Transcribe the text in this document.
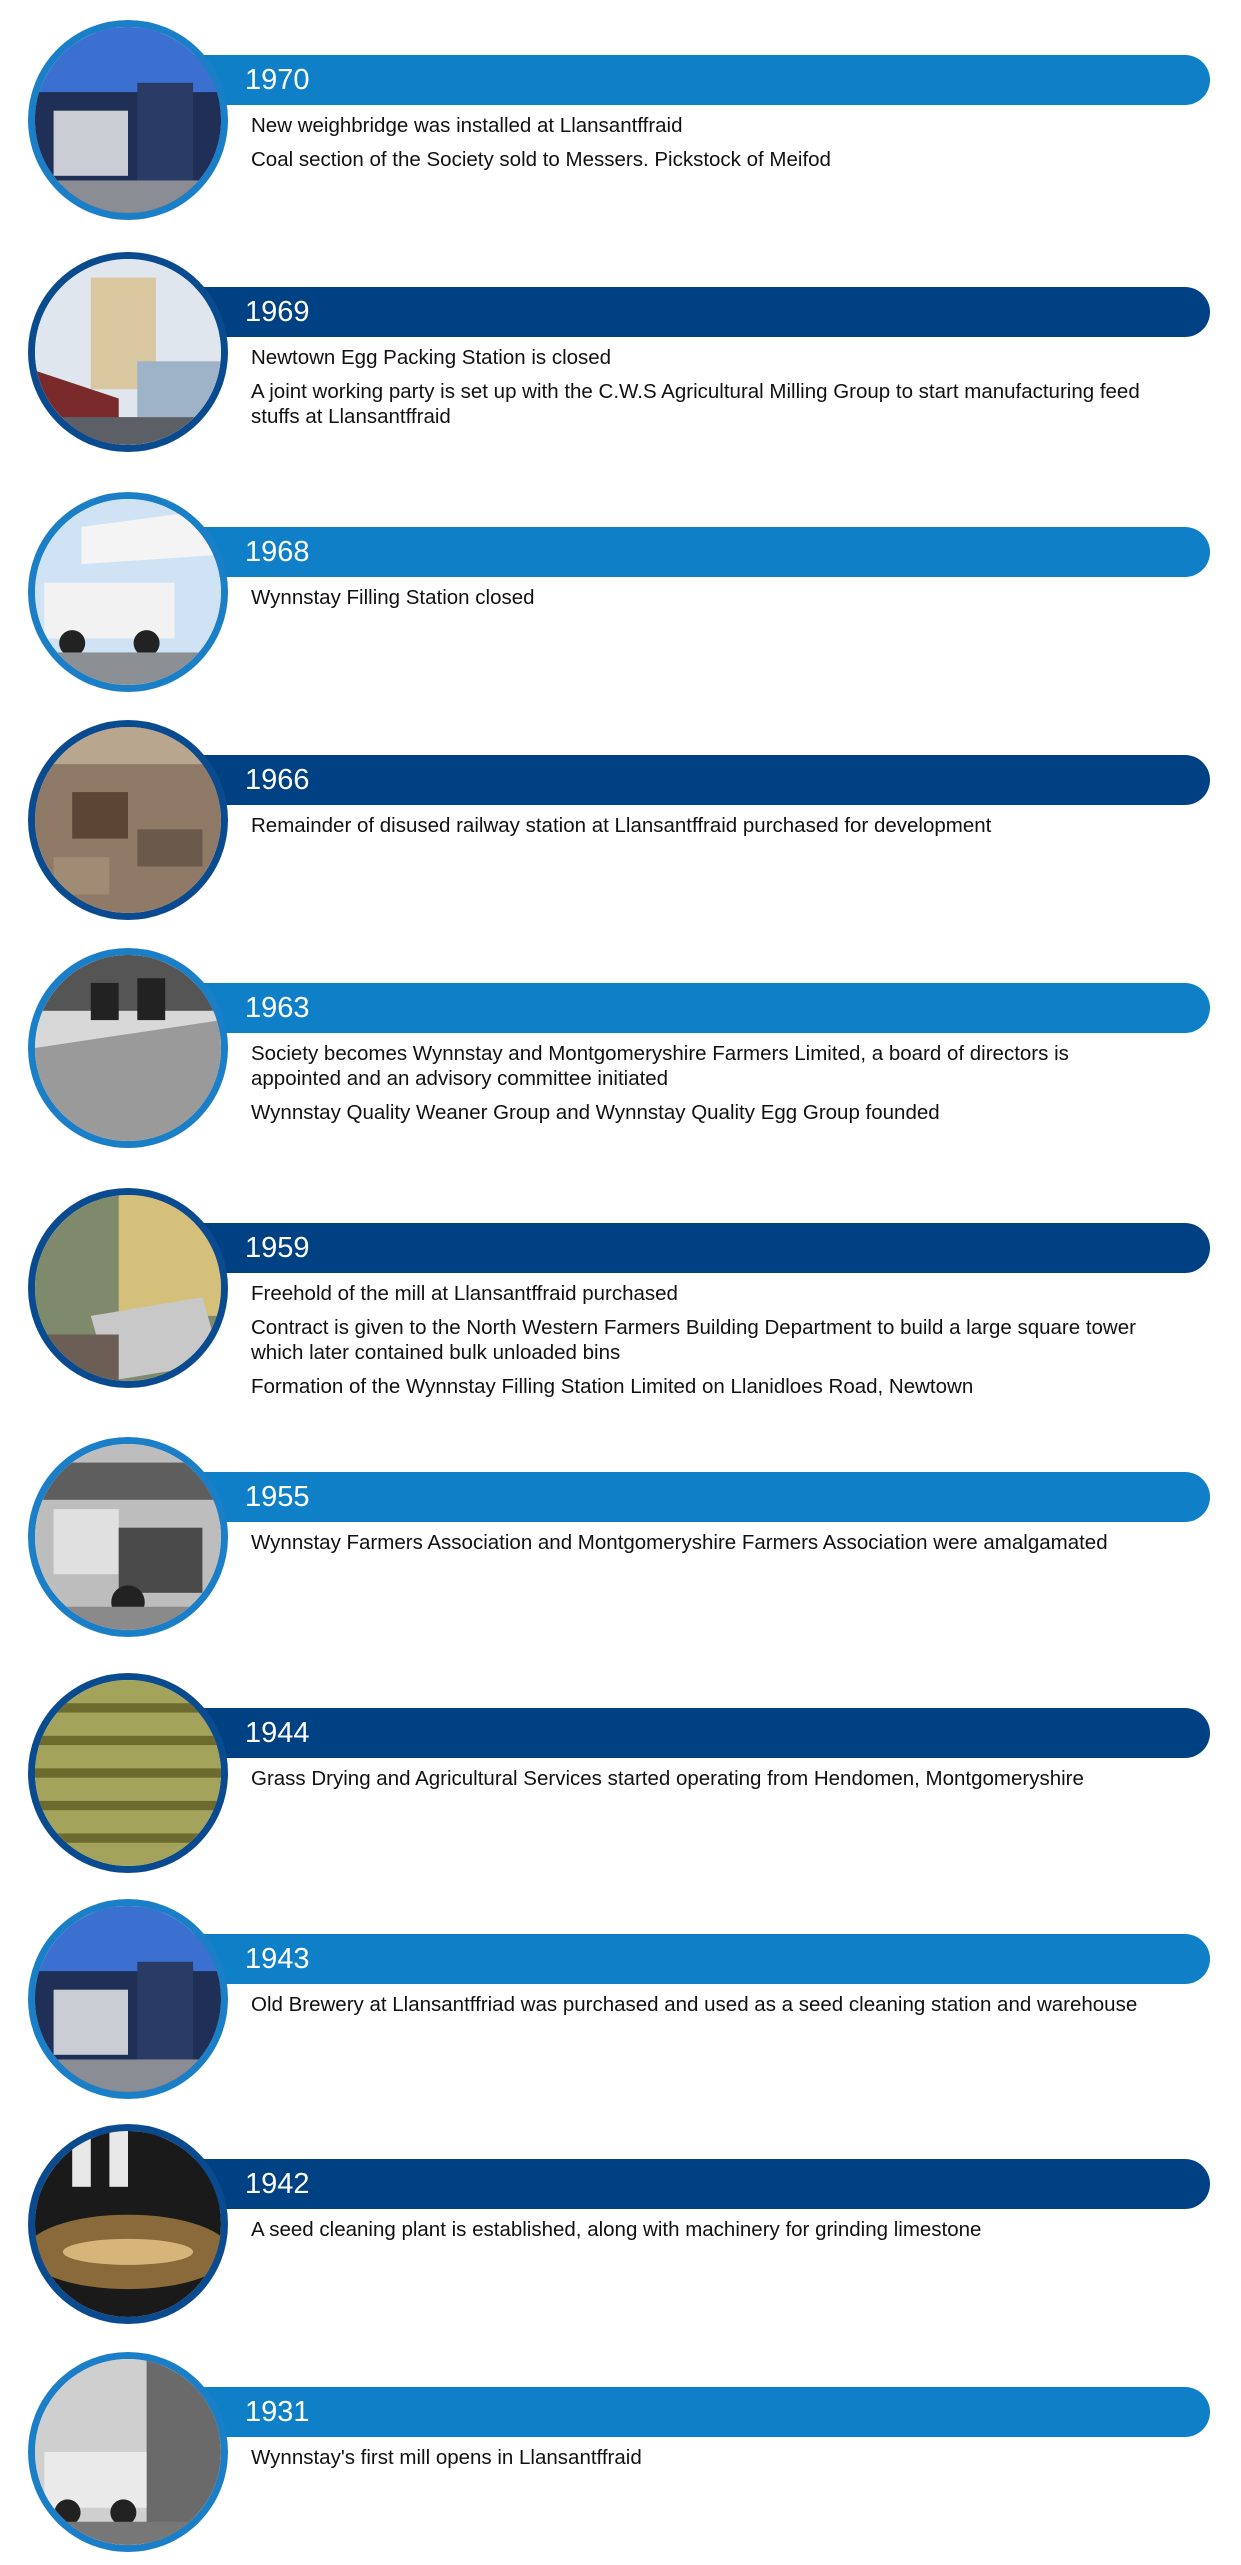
1970
New weighbridge was installed at Llansantffraid
Coal section of the Society sold to Messers. Pickstock of Meifod
1969
Newtown Egg Packing Station is closed
A joint working party is set up with the C.W.S Agricultural Milling Group to start manufacturing feed stuffs at Llansantffraid
1968
Wynnstay Filling Station closed
1966
Remainder of disused railway station at Llansantffraid purchased for development
1963
Society becomes Wynnstay and Montgomeryshire Farmers Limited, a board of directors is appointed and an advisory committee initiated
Wynnstay Quality Weaner Group and Wynnstay Quality Egg Group founded
1959
Freehold of the mill at Llansantffraid purchased
Contract is given to the North Western Farmers Building Department to build a large square tower which later contained bulk unloaded bins
Formation of the Wynnstay Filling Station Limited on Llanidloes Road, Newtown
1955
Wynnstay Farmers Association and Montgomeryshire Farmers Association were amalgamated
1944
Grass Drying and Agricultural Services started operating from Hendomen, Montgomeryshire
1943
Old Brewery at Llansantffriad was purchased and used as a seed cleaning station and warehouse
1942
A seed cleaning plant is established, along with machinery for grinding limestone
1931
Wynnstay's first mill opens in Llansantffraid
